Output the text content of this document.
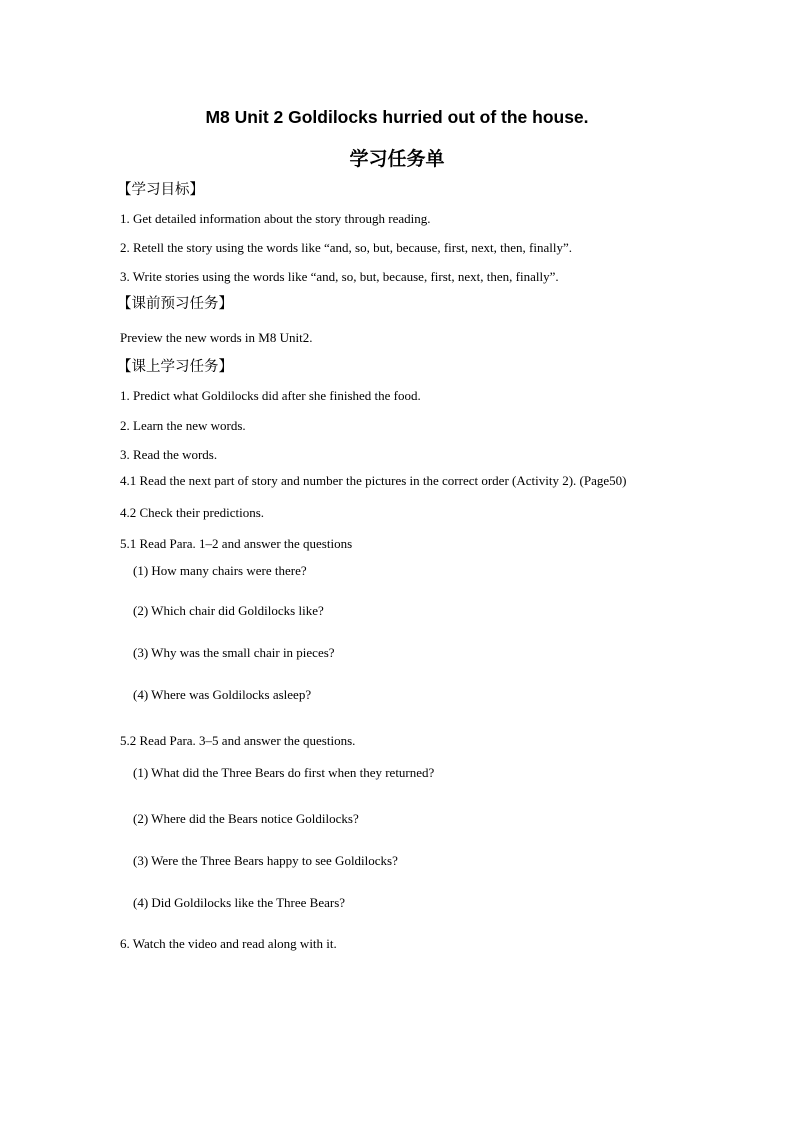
M8 Unit 2 Goldilocks hurried out of the house.
学习任务单
【学习目标】
1. Get detailed information about the story through reading.
2. Retell the story using the words like “and, so, but, because, first, next, then, finally”.
3. Write stories using the words like “and, so, but, because, first, next, then, finally”.
【课前预习任务】
Preview the new words in M8 Unit2.
【课上学习任务】
1. Predict what Goldilocks did after she finished the food.
2. Learn the new words.
3. Read the words.
4.1 Read the next part of story and number the pictures in the correct order (Activity 2). (Page50)
4.2 Check their predictions.
5.1 Read Para. 1–2 and answer the questions
(1) How many chairs were there?
(2) Which chair did Goldilocks like?
(3) Why was the small chair in pieces?
(4) Where was Goldilocks asleep?
5.2 Read Para. 3–5 and answer the questions.
(1) What did the Three Bears do first when they returned?
(2) Where did the Bears notice Goldilocks?
(3) Were the Three Bears happy to see Goldilocks?
(4) Did Goldilocks like the Three Bears?
6. Watch the video and read along with it.
